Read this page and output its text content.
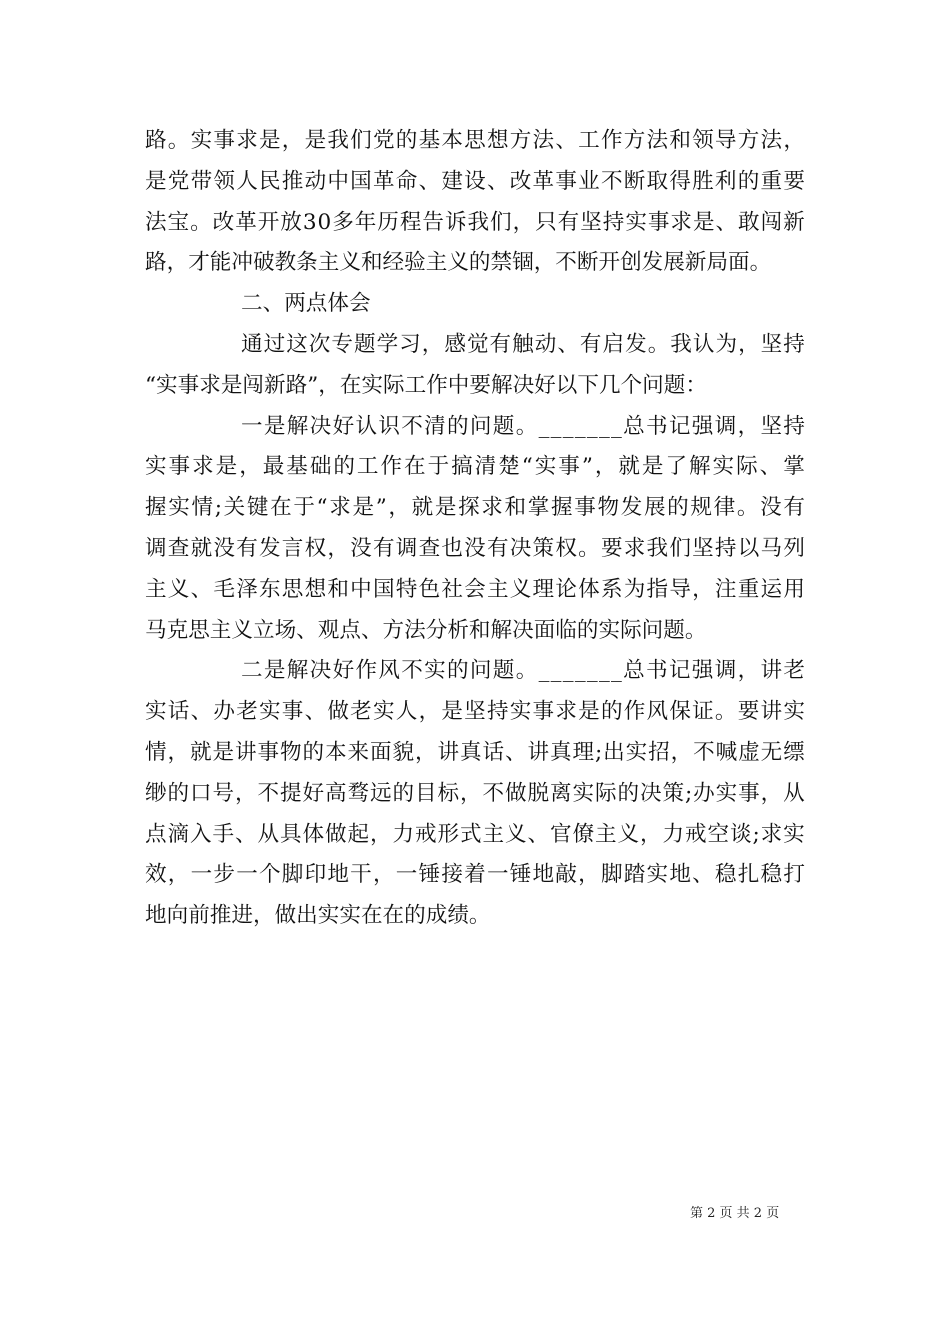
路 。 实 事 求 是 ， 是 我 们 党 的 基 本 思 想 方 法 、 工 作 方 法 和 领 导 方 法 ，
是 党 带 领 人 民 推 动 中 国 革 命 、 建 设 、 改 革 事 业 不 断 取 得 胜 利 的 重 要
法 宝 。 改 革 开 放 3 0 多 年 历 程 告 诉 我 们 ， 只 有 坚 持 实 事 求 是 、 敢 闯 新
路，才能冲破教条主义和经验主义的禁锢，不断开创发展新局面。
二、两点体会
通 过 这 次 专 题 学 习 ， 感 觉 有 触 动 、 有 启 发 。 我 认 为 ， 坚 持
“实事求是闯新路”，在实际工作中要解决好以下几个问题：
一 是 解 决 好 认 识 不 清 的 问 题 。 _ _ _ _ _ _ _ 总 书 记 强 调 ， 坚 持
实 事 求 是 ， 最 基 础 的 工 作 在 于 搞 清 楚 “ 实 事 ” ， 就 是 了 解 实 际 、 掌
握 实 情 ; 关 键 在 于 “ 求 是 ” ， 就 是 探 求 和 掌 握 事 物 发 展 的 规 律 。 没 有
调 查 就 没 有 发 言 权 ， 没 有 调 查 也 没 有 决 策 权 。 要 求 我 们 坚 持 以 马 列
主 义 、 毛 泽 东 思 想 和 中 国 特 色 社 会 主 义 理 论 体 系 为 指 导 ， 注 重 运 用
马克思主义立场、观点、方法分析和解决面临的实际问题。
二 是 解 决 好 作 风 不 实 的 问 题 。 _ _ _ _ _ _ _ 总 书 记 强 调 ， 讲 老
实 话 、 办 老 实 事 、 做 老 实 人 ， 是 坚 持 实 事 求 是 的 作 风 保 证 。 要 讲 实
情 ， 就 是 讲 事 物 的 本 来 面 貌 ， 讲 真 话 、 讲 真 理 ; 出 实 招 ， 不 喊 虚 无 缥
缈 的 口 号 ， 不 提 好 高 骛 远 的 目 标 ， 不 做 脱 离 实 际 的 决 策 ; 办 实 事 ， 从
点 滴 入 手 、 从 具 体 做 起 ， 力 戒 形 式 主 义 、 官 僚 主 义 ， 力 戒 空 谈 ; 求 实
效 ， 一 步 一 个 脚 印 地 干 ， 一 锤 接 着 一 锤 地 敲 ， 脚 踏 实 地 、 稳 扎 稳 打
地向前推进，做出实实在在的成绩。
第 2 页 共 2 页
